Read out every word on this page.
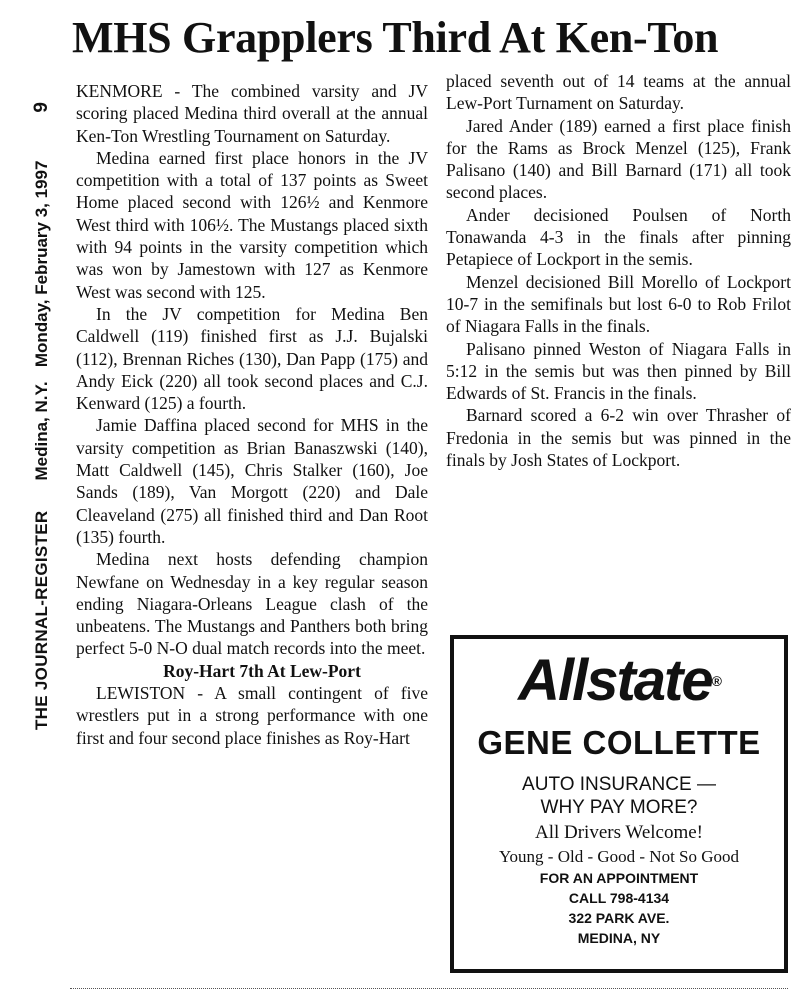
THE JOURNAL-REGISTER
Medina, N.Y.   Monday, February 3, 1997
9
MHS Grapplers Third At Ken-Ton

KENMORE - The combined varsity and JV scoring placed Medina third overall at the annual Ken-Ton Wrestling Tournament on Saturday.

Medina earned first place honors in the JV competition with a total of 137 points as Sweet Home placed second with 126½ and Kenmore West third with 106½. The Mustangs placed sixth with 94 points in the varsity competition which was won by Jamestown with 127 as Kenmore West was second with 125.

In the JV competition for Medina Ben Caldwell (119) finished first as J.J. Bujalski (112), Brennan Riches (130), Dan Papp (175) and Andy Eick (220) all took second places and C.J. Kenward (125) a fourth.

Jamie Daffina placed second for MHS in the varsity competition as Brian Banaszwski (140), Matt Caldwell (145), Chris Stalker (160), Joe Sands (189), Van Morgott (220) and Dale Cleaveland (275) all finished third and Dan Root (135) fourth.

Medina next hosts defending champion Newfane on Wednesday in a key regular season ending Niagara-Orleans League clash of the unbeatens. The Mustangs and Panthers both bring perfect 5-0 N-O dual match records into the meet.

Roy-Hart 7th At Lew-Port

LEWISTON - A small contingent of five wrestlers put in a strong performance with one first and four second place finishes as Roy-Hart

placed seventh out of 14 teams at the annual Lew-Port Turnament on Saturday.

Jared Ander (189) earned a first place finish for the Rams as Brock Menzel (125), Frank Palisano (140) and Bill Barnard (171) all took second places.

Ander decisioned Poulsen of North Tonawanda 4-3 in the finals after pinning Petapiece of Lockport in the semis.

Menzel decisioned Bill Morello of Lockport 10-7 in the semifinals but lost 6-0 to Rob Frilot of Niagara Falls in the finals.

Palisano pinned Weston of Niagara Falls in 5:12 in the semis but was then pinned by Bill Edwards of St. Francis in the finals.

Barnard scored a 6-2 win over Thrasher of Fredonia in the semis but was pinned in the finals by Josh States of Lockport.

Allstate®
GENE COLLETTE
AUTO INSURANCE —
WHY PAY MORE?
All Drivers Welcome!
Young - Old - Good - Not So Good
FOR AN APPOINTMENT
CALL 798-4134
322 PARK AVE.
MEDINA, NY
